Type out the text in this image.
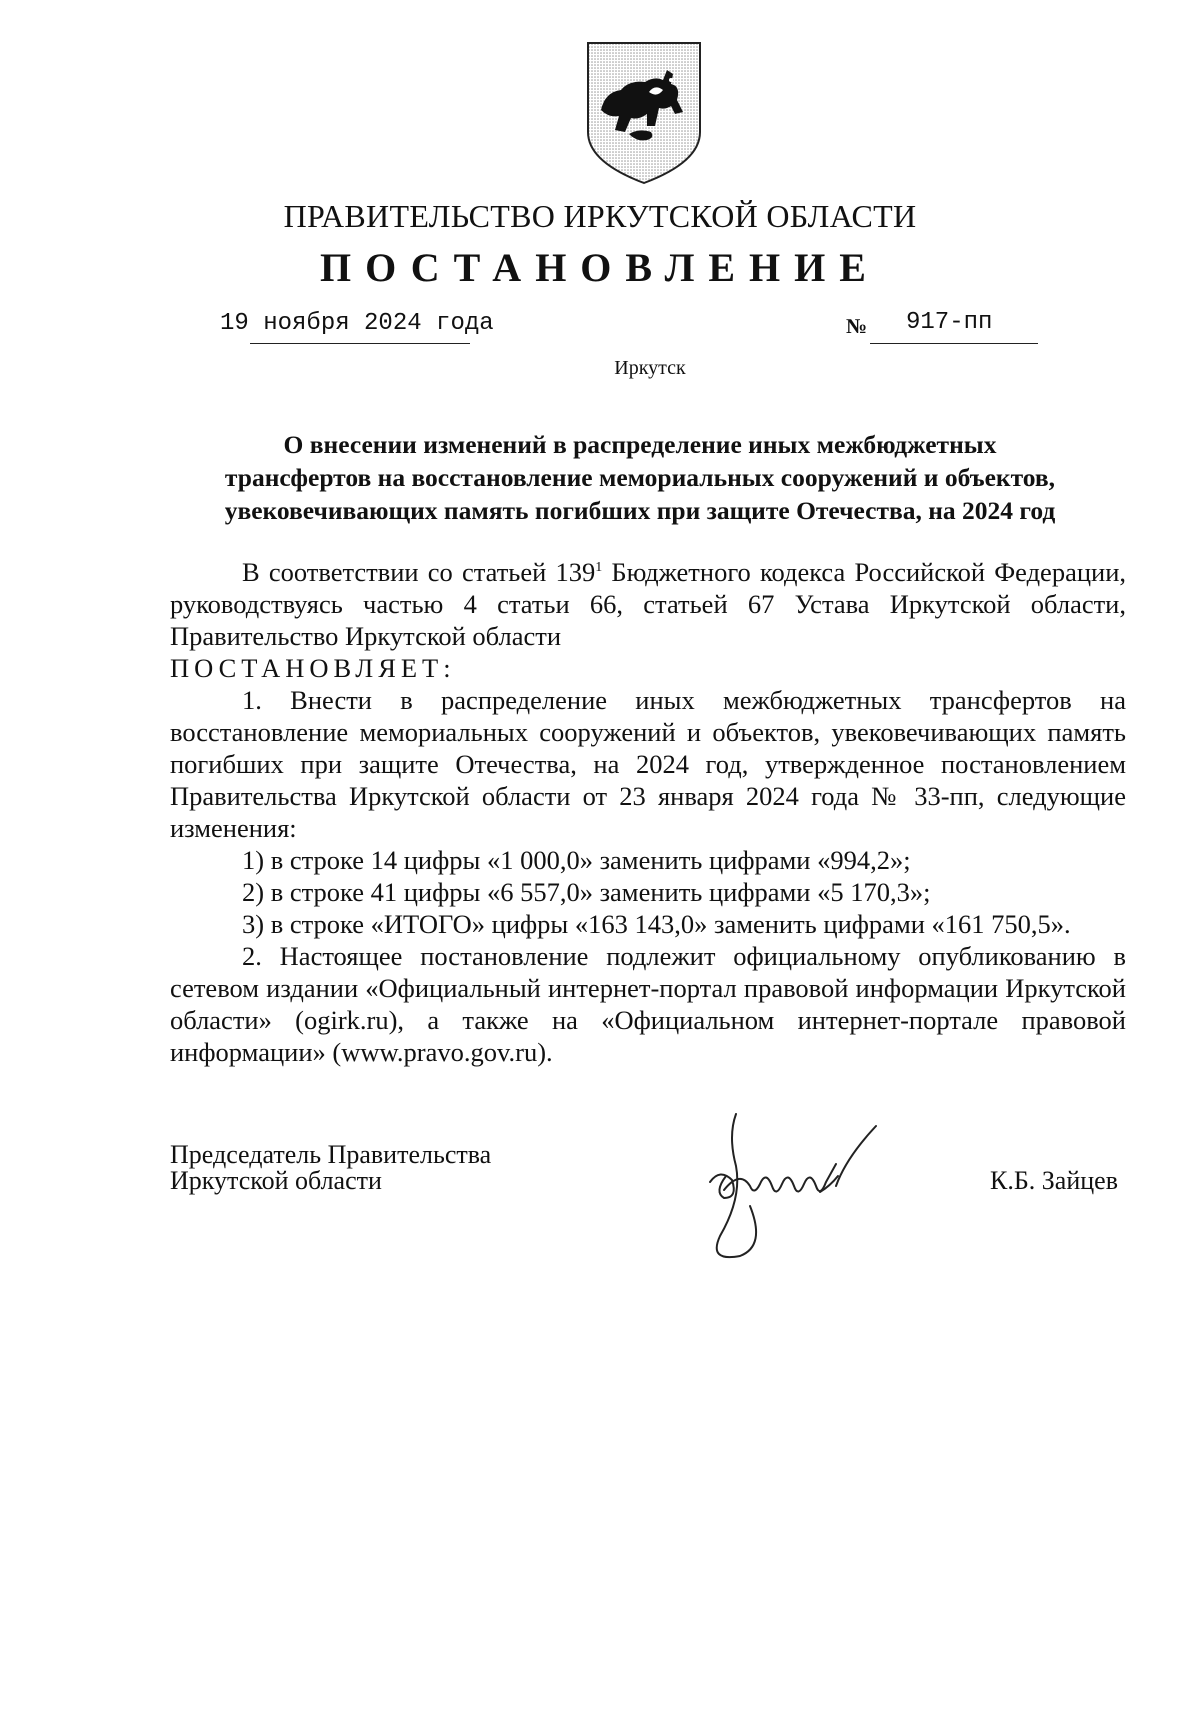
ПРАВИТЕЛЬСТВО ИРКУТСКОЙ ОБЛАСТИ
ПОСТАНОВЛЕНИЕ
19 ноября 2024 года	№ 917-пп
Иркутск
О внесении изменений в распределение иных межбюджетных
трансфертов на восстановление мемориальных сооружений и объектов,
увековечивающих память погибших при защите Отечества, на 2024 год

В соответствии со статьей $139^1$ Бюджетного кодекса Российской Федерации, руководствуясь частью 4 статьи 66, статьей 67 Устава Иркутской области, Правительство Иркутской области

ПОСТАНОВЛЯЕТ:

1. Внести в распределение иных межбюджетных трансфертов на восстановление мемориальных сооружений и объектов, увековечивающих память погибших при защите Отечества, на 2024 год, утвержденное постановлением Правительства Иркутской области от 23 января 2024 года № 33-пп, следующие изменения:

1) в строке 14 цифры «1 000,0» заменить цифрами «994,2»;

2) в строке 41 цифры «6 557,0» заменить цифрами «5 170,3»;

3) в строке «ИТОГО» цифры «163 143,0» заменить цифрами «161 750,5».

2. Настоящее постановление подлежит официальному опубликованию в сетевом издании «Официальный интернет-портал правовой информации Иркутской области» (ogirk.ru), а также на «Официальном интернет-портале правовой информации» (www.pravo.gov.ru).

Председатель Правительства
Иркутской области	К.Б. Зайцев
